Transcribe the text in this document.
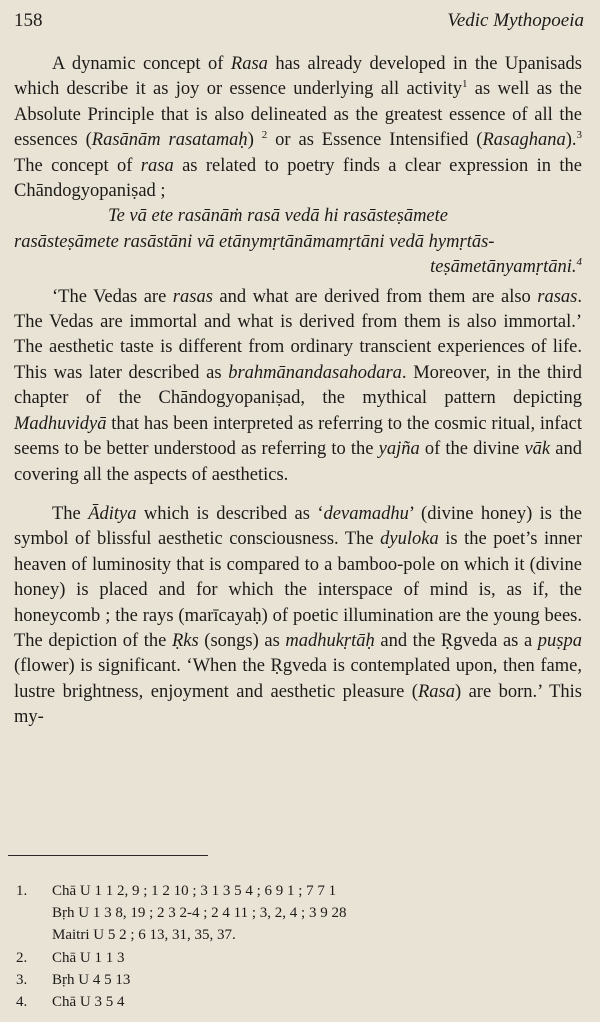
158	Vedic Mythopoeia

A dynamic concept of Rasa has already developed in the Upanisads which describe it as joy or essence underlying all activity$^1$ as well as the Absolute Principle that is also delineated as the greatest essence of all the essences (Rasānām rasatamaḥ) $^2$ or as Essence Intensified (Rasaghana).$^3$ The concept of rasa as related to poetry finds a clear expression in the Chāndogyopaniṣad ;

Te vā ete rasānāṁ rasā vedā hi rasāsteṣāmete
rasāsteṣāmete rasāstāni vā etānymṛtānāmamṛtāni vedā hymṛtās-
teṣāmetānyamṛtāni.$^4$

‘The Vedas are rasas and what are derived from them are also rasas. The Vedas are immortal and what is derived from them is also immortal.’ The aesthetic taste is different from ordinary transcient experiences of life. This was later described as brahmānandasahodara. Moreover, in the third chapter of the Chāndogyopaniṣad, the mythical pattern depicting Madhuvidyā that has been interpreted as referring to the cosmic ritual, infact seems to be better understood as referring to the yajña of the divine vāk and covering all the aspects of aesthetics.

The Āditya which is described as ‘devamadhu’ (divine honey) is the symbol of blissful aesthetic consciousness. The dyuloka is the poet’s inner heaven of luminosity that is compared to a bamboo-pole on which it (divine honey) is placed and for which the interspace of mind is, as if, the honeycomb ; the rays (marīcayaḥ) of poetic illumination are the young bees. The depiction of the Ṛks (songs) as madhukṛtāḥ and the Ṛgveda as a puṣpa (flower) is significant. ‘When the Ṛgveda is contemplated upon, then fame, lustre brightness, enjoyment and aesthetic pleasure (Rasa) are born.’ This my-

1. Chā U 1 1 2, 9 ; 1 2 10 ; 3 1 3 5 4 ; 6 9 1 ; 7 7 1
Bṛh U 1 3 8, 19 ; 2 3 2-4 ; 2 4 11 ; 3, 2, 4 ; 3 9 28
Maitri U 5 2 ; 6 13, 31, 35, 37.
2. Chā U 1 1 3
3. Bṛh U 4 5 13
4. Chā U 3 5 4
